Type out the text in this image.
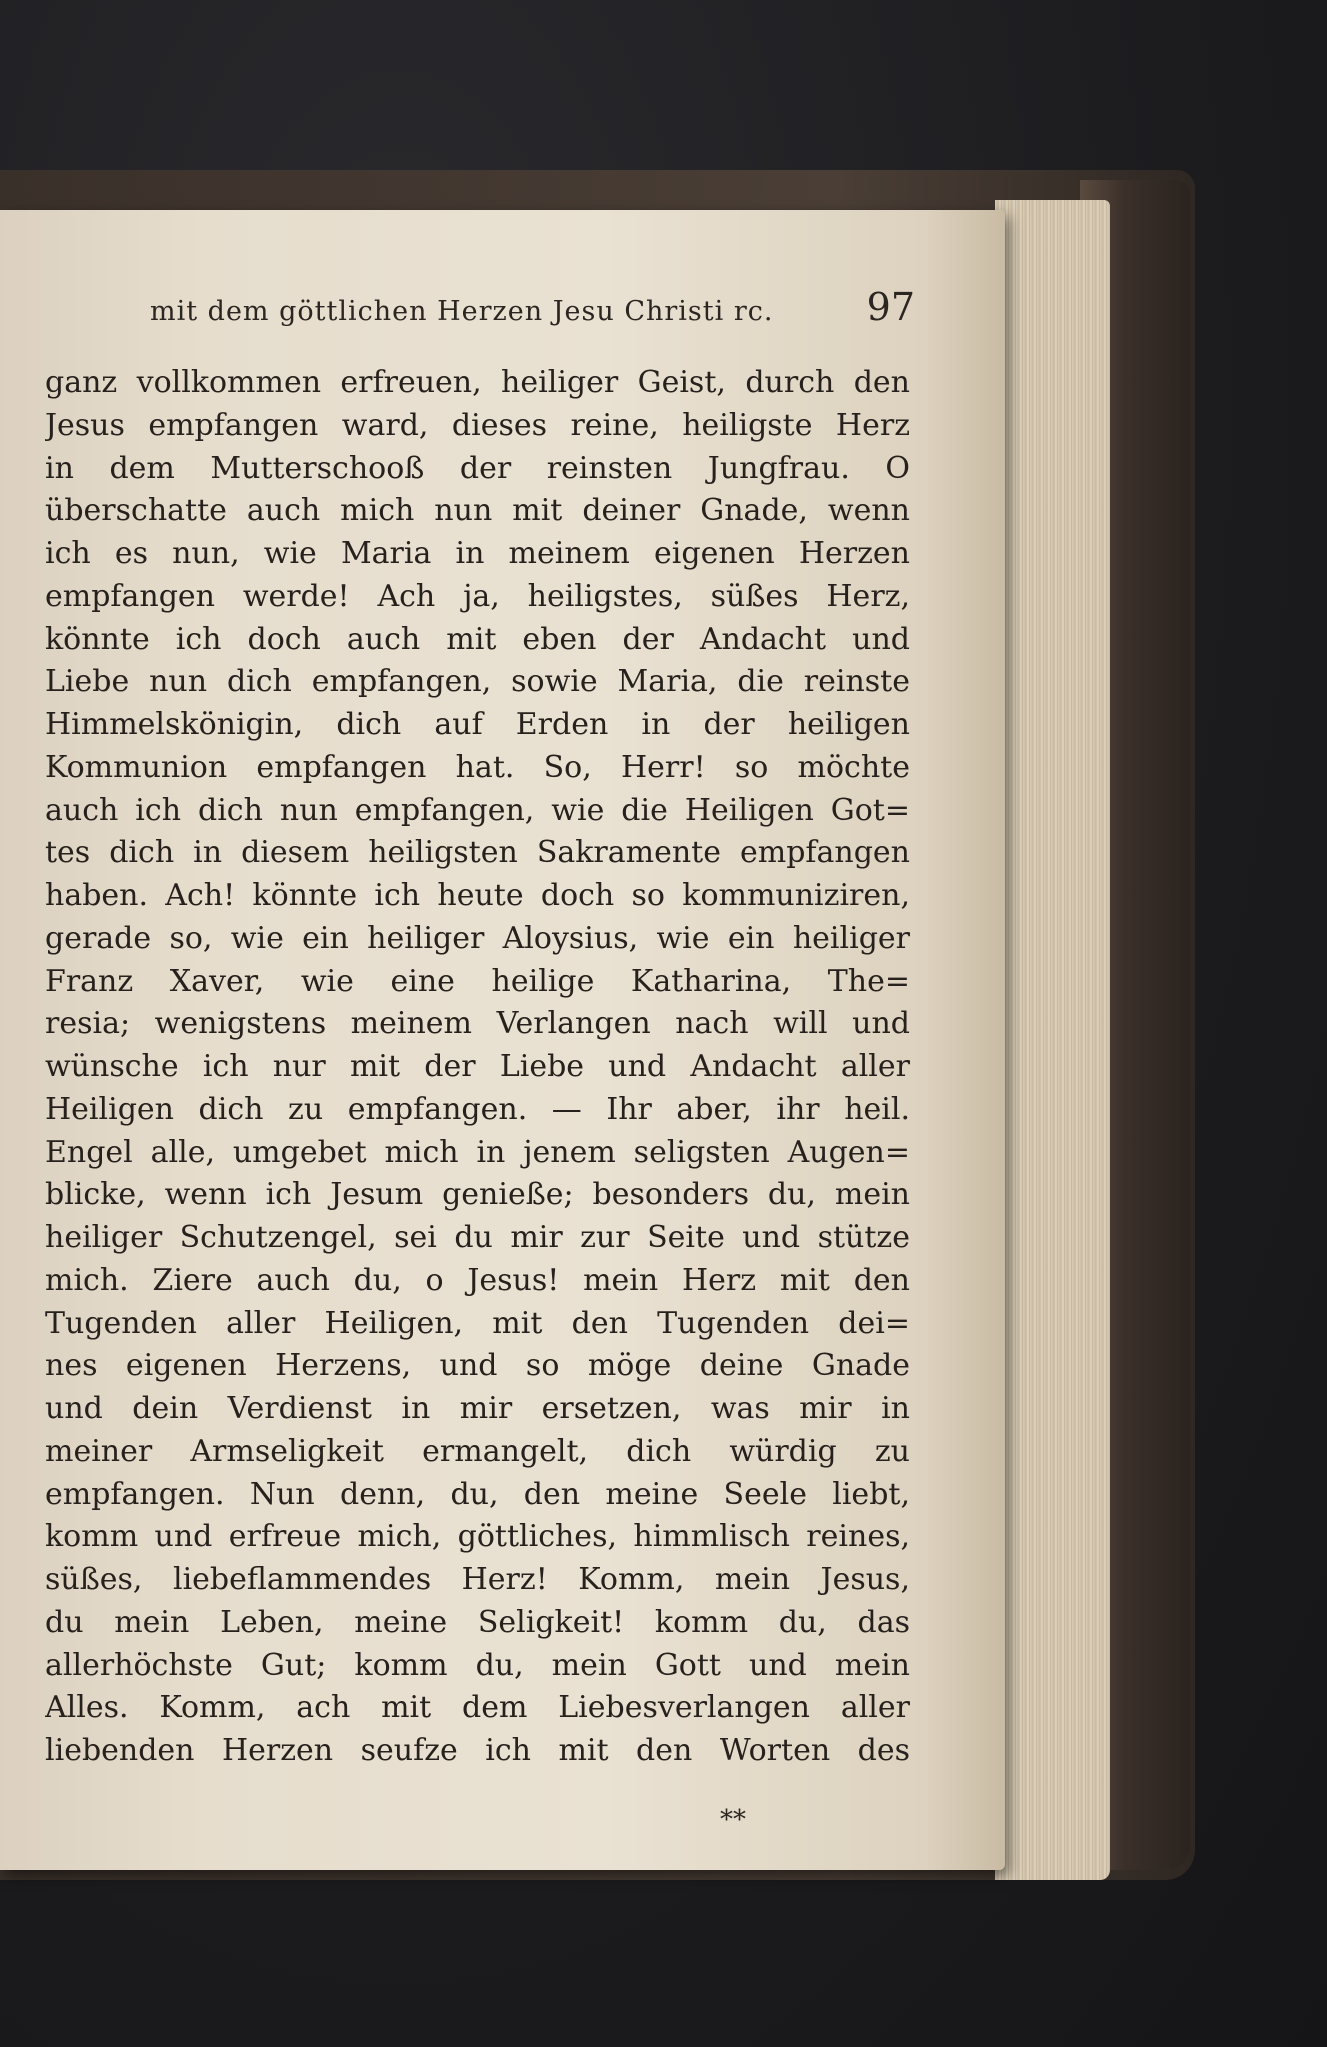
mit dem göttlichen Herzen Jesu Christi rc. 97
ganz vollkommen erfreuen, heiliger Geist, durch den
Jesus empfangen ward, dieses reine, heiligste Herz
in dem Mutterschooß der reinsten Jungfrau. O
überschatte auch mich nun mit deiner Gnade, wenn
ich es nun, wie Maria in meinem eigenen Herzen
empfangen werde! Ach ja, heiligstes, süßes Herz,
könnte ich doch auch mit eben der Andacht und
Liebe nun dich empfangen, sowie Maria, die reinste
Himmelskönigin, dich auf Erden in der heiligen
Kommunion empfangen hat. So, Herr! so möchte
auch ich dich nun empfangen, wie die Heiligen Got=
tes dich in diesem heiligsten Sakramente empfangen
haben. Ach! könnte ich heute doch so kommuniziren,
gerade so, wie ein heiliger Aloysius, wie ein heiliger
Franz Xaver, wie eine heilige Katharina, The=
resia; wenigstens meinem Verlangen nach will und
wünsche ich nur mit der Liebe und Andacht aller
Heiligen dich zu empfangen. — Ihr aber, ihr heil.
Engel alle, umgebet mich in jenem seligsten Augen=
blicke, wenn ich Jesum genieße; besonders du, mein
heiliger Schutzengel, sei du mir zur Seite und stütze
mich. Ziere auch du, o Jesus! mein Herz mit den
Tugenden aller Heiligen, mit den Tugenden dei=
nes eigenen Herzens, und so möge deine Gnade
und dein Verdienst in mir ersetzen, was mir in
meiner Armseligkeit ermangelt, dich würdig zu
empfangen. Nun denn, du, den meine Seele liebt,
komm und erfreue mich, göttliches, himmlisch reines,
süßes, liebeflammendes Herz! Komm, mein Jesus,
du mein Leben, meine Seligkeit! komm du, das
allerhöchste Gut; komm du, mein Gott und mein
Alles. Komm, ach mit dem Liebesverlangen aller
liebenden Herzen seufze ich mit den Worten des
**
